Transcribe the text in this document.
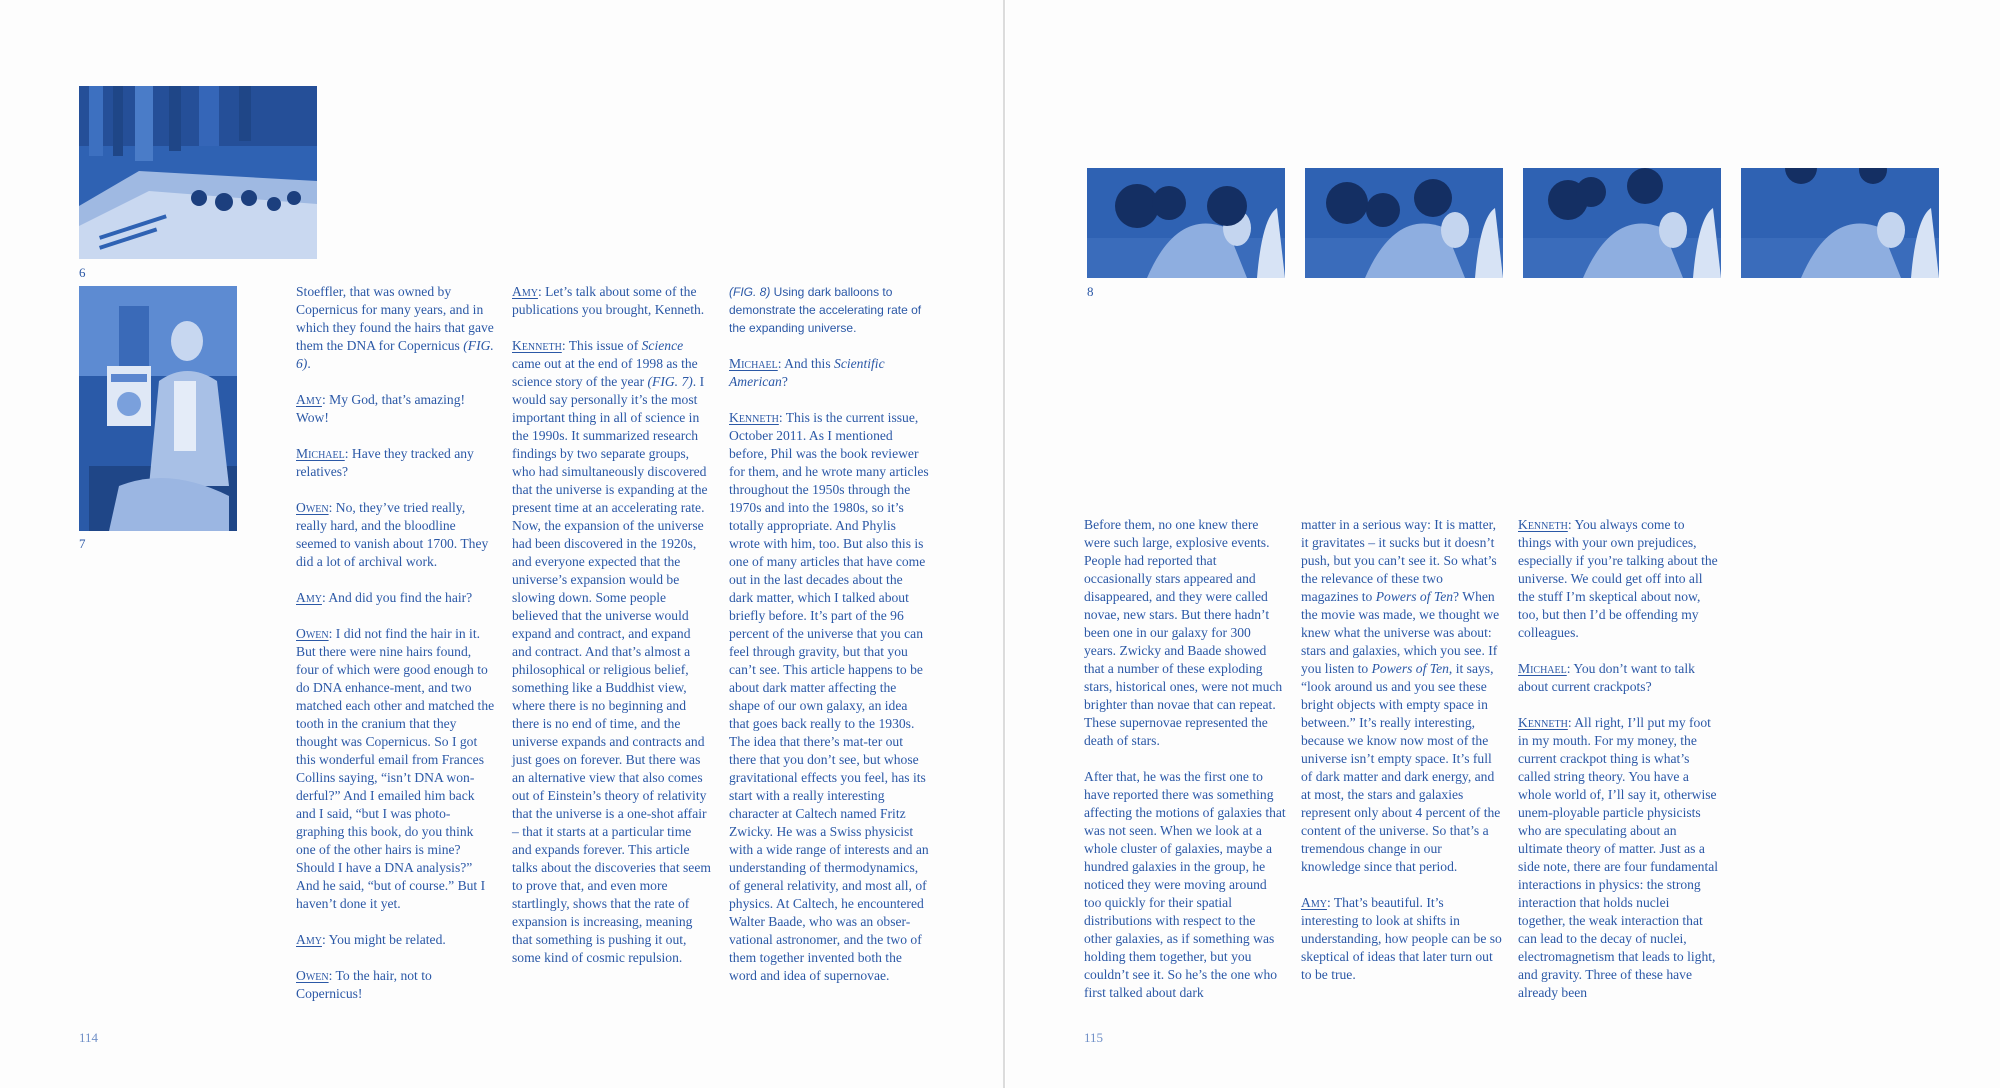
6
7
8

Stoeffler, that was owned by Copernicus for many years, and in which they found the hairs that gave them the DNA for Copernicus (FIG. 6).

Amy: My God, that’s amazing! Wow!

Michael: Have they tracked any relatives?

Owen: No, they’ve tried really, really hard, and the bloodline seemed to vanish about 1700. They did a lot of archival work.

Amy: And did you find the hair?

Owen: I did not find the hair in it. But there were nine hairs found, four of which were good enough to do DNA enhance-ment, and two matched each other and matched the tooth in the cranium that they thought was Copernicus. So I got this wonderful email from Frances Collins saying, “isn’t DNA won-derful?” And I emailed him back and I said, “but I was photo-graphing this book, do you think one of the other hairs is mine? Should I have a DNA analysis?” And he said, “but of course.” But I haven’t done it yet.

Amy: You might be related.

Owen: To the hair, not to Copernicus!

Amy: Let’s talk about some of the publications you brought, Kenneth.

Kenneth: This issue of Science came out at the end of 1998 as the science story of the year (FIG. 7). I would say personally it’s the most important thing in all of science in the 1990s. It summarized research findings by two separate groups, who had simultaneously discovered that the universe is expanding at the present time at an accelerating rate. Now, the expansion of the universe had been discovered in the 1920s, and everyone expected that the universe’s expansion would be slowing down. Some people believed that the universe would expand and contract, and expand and contract. And that’s almost a philosophical or religious belief, something like a Buddhist view, where there is no beginning and there is no end of time, and the universe expands and contracts and just goes on forever. But there was an alternative view that also comes out of Einstein’s theory of relativity that the universe is a one-shot affair – that it starts at a particular time and expands forever. This article talks about the discoveries that seem to prove that, and even more startlingly, shows that the rate of expansion is increasing, meaning that something is pushing it out, some kind of cosmic repulsion.

(FIG. 8) Using dark balloons to demonstrate the accelerating rate of the expanding universe.

Michael: And this Scientific American?

Kenneth: This is the current issue, October 2011. As I mentioned before, Phil was the book reviewer for them, and he wrote many articles throughout the 1950s through the 1970s and into the 1980s, so it’s totally appropriate. And Phylis wrote with him, too. But also this is one of many articles that have come out in the last decades about the dark matter, which I talked about briefly before. It’s part of the 96 percent of the universe that you can feel through gravity, but that you can’t see. This article happens to be about dark matter affecting the shape of our own galaxy, an idea that goes back really to the 1930s. The idea that there’s mat-ter out there that you don’t see, but whose gravitational effects you feel, has its start with a really interesting character at Caltech named Fritz Zwicky. He was a Swiss physicist with a wide range of interests and an understanding of thermodynamics, of general relativity, and most all, of physics. At Caltech, he encountered Walter Baade, who was an obser-vational astronomer, and the two of them together invented both the word and idea of supernovae.

Before them, no one knew there were such large, explosive events. People had reported that occasionally stars appeared and disappeared, and they were called novae, new stars. But there hadn’t been one in our galaxy for 300 years. Zwicky and Baade showed that a number of these exploding stars, historical ones, were not much brighter than novae that can repeat. These supernovae represented the death of stars.

After that, he was the first one to have reported there was something affecting the motions of galaxies that was not seen. When we look at a whole cluster of galaxies, maybe a hundred galaxies in the group, he noticed they were moving around too quickly for their spatial distributions with respect to the other galaxies, as if something was holding them together, but you couldn’t see it. So he’s the one who first talked about dark

matter in a serious way: It is matter, it gravitates – it sucks but it doesn’t push, but you can’t see it. So what’s the relevance of these two magazines to Powers of Ten? When the movie was made, we thought we knew what the universe was about: stars and galaxies, which you see. If you listen to Powers of Ten, it says, “look around us and you see these bright objects with empty space in between.” It’s really interesting, because we know now most of the universe isn’t empty space. It’s full of dark matter and dark energy, and at most, the stars and galaxies represent only about 4 percent of the content of the universe. So that’s a tremendous change in our knowledge since that period.

Amy: That’s beautiful. It’s interesting to look at shifts in understanding, how people can be so skeptical of ideas that later turn out to be true.

Kenneth: You always come to things with your own prejudices, especially if you’re talking about the universe. We could get off into all the stuff I’m skeptical about now, too, but then I’d be offending my colleagues.

Michael: You don’t want to talk about current crackpots?

Kenneth: All right, I’ll put my foot in my mouth. For my money, the current crackpot thing is what’s called string theory. You have a whole world of, I’ll say it, otherwise unem-ployable particle physicists who are speculating about an ultimate theory of matter. Just as a side note, there are four fundamental interactions in physics: the strong interaction that holds nuclei together, the weak interaction that can lead to the decay of nuclei, electromagnetism that leads to light, and gravity. Three of these have already been

114	115
